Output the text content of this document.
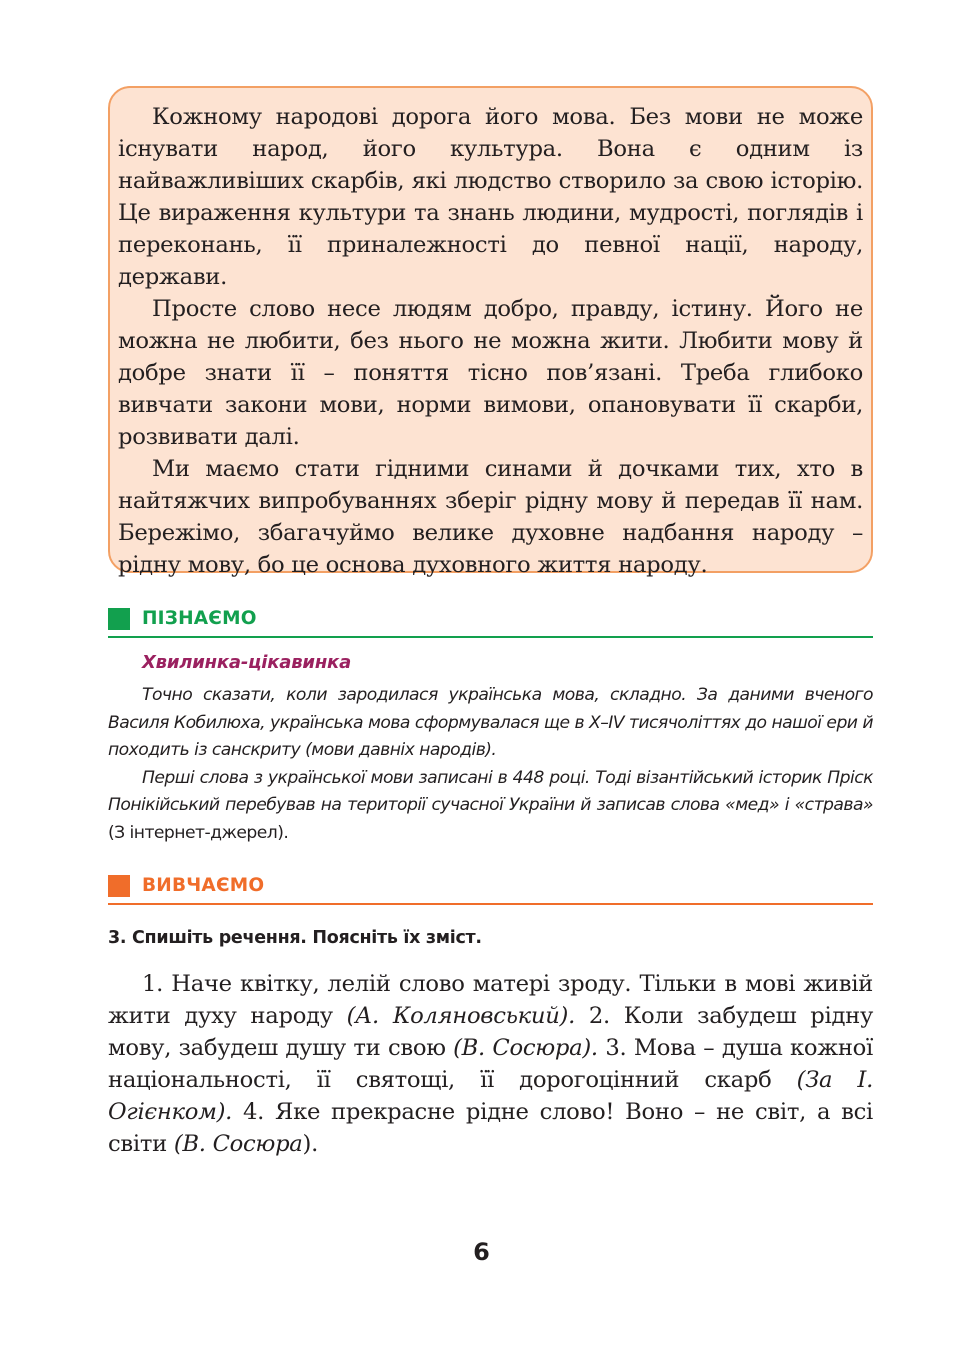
Кожному народові дорога його мова. Без мови не може існувати народ, його культура. Вона є одним із найважливіших скарбів, які людство створило за свою історію. Це вираження культури та знань людини, мудрості, поглядів і переконань, її приналежності до певної нації, народу, держави.
Просте слово несе людям добро, правду, істину. Його не можна не любити, без нього не можна жити. Любити мову й добре знати її – поняття тісно пов’язані. Треба глибоко вивчати закони мови, норми вимови, опановувати її скарби, розвивати далі.
Ми маємо стати гідними синами й дочками тих, хто в найтяжчих випробуваннях зберіг рідну мову й передав її нам. Бережімо, збагачуймо велике духовне надбання народу – рідну мову, бо це основа духовного життя народу.
ПІЗНАЄМО
Хвилинка-цікавинка
Точно сказати, коли зародилася українська мова, складно. За даними вченого Василя Кобилюха, українська мова сформувалася ще в Х–IV тисячоліттях до нашої ери й походить із санскриту (мови давніх народів).
Перші слова з української мови записані в 448 році. Тоді візантійський історик Пріск Понікійський перебував на території сучасної України й записав слова «мед» і «страва» (З інтернет-джерел).
ВИВЧАЄМО
3. Спишіть речення. Поясніть їх зміст.
1. Наче квітку, лелій слово матері зроду. Тільки в мові живій жити духу народу (А. Коляновський). 2. Коли забудеш рідну мову, забудеш душу ти свою (В. Сосюра). 3. Мова – душа кожної національності, її святощі, її дорогоцінний скарб (За І. Огієнком). 4. Яке прекрасне рідне слово! Воно – не світ, а всі світи (В. Сосюра).
6
